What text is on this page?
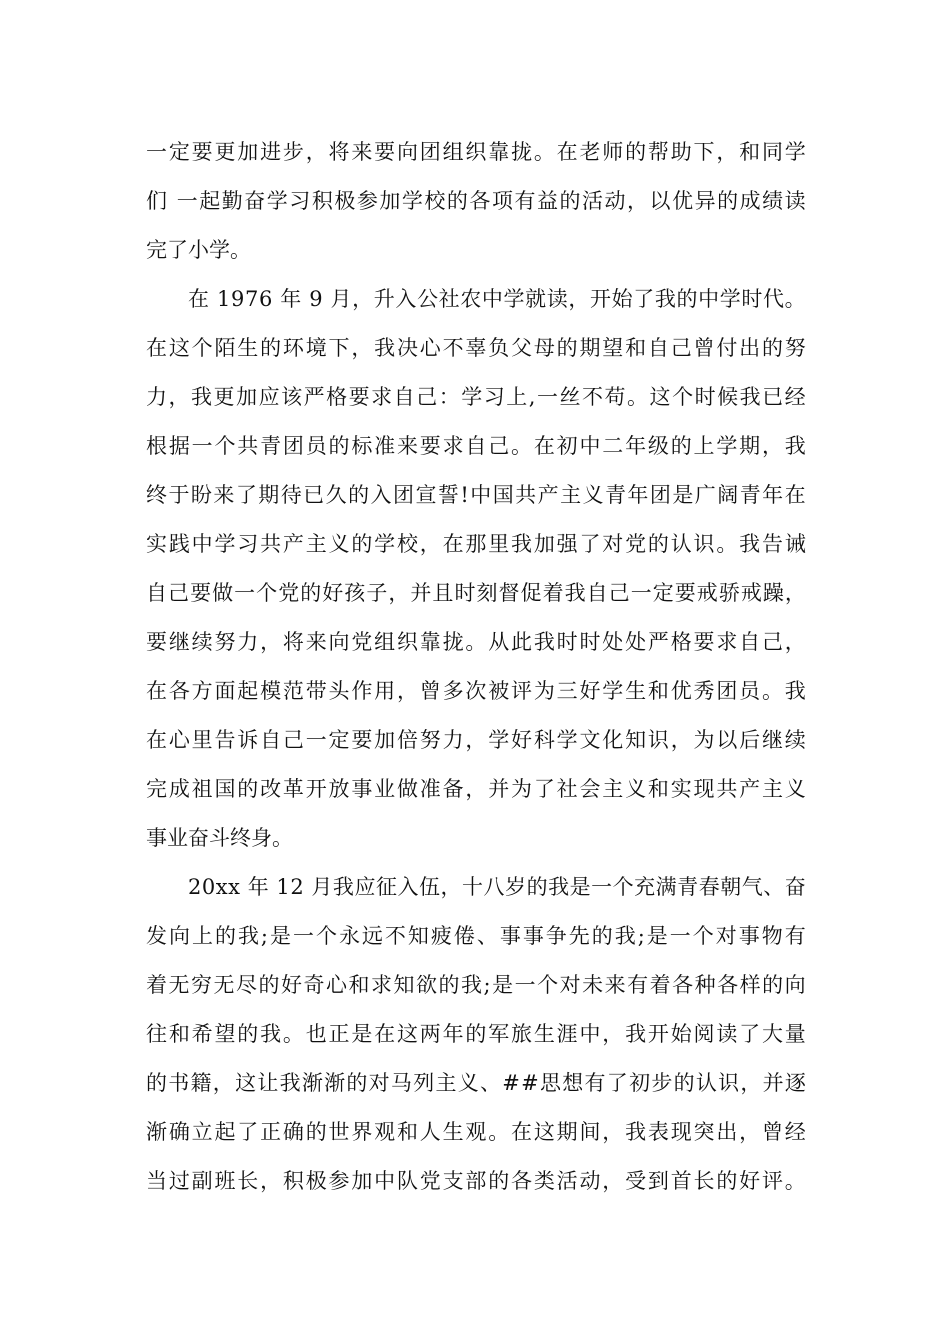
一 定 要 更 加 进 步 ， 将 来 要 向 团 组 织 靠 拢 。 在 老 师 的 帮 助 下 ， 和 同 学
们
一 起 勤 奋 学 习 积 极 参 加 学 校 的 各 项 有 益 的 活 动 ， 以 优 异 的 成 绩 读
完了小学。
在
1 9 7 6
年
9
月 ， 升 入 公 社 农 中 学 就 读 ， 开 始 了 我 的 中 学 时 代 。
在 这 个 陌 生 的 环 境 下 ， 我 决 心 不 辜 负 父 母 的 期 望 和 自 己 曾 付 出 的 努
力 ， 我 更 加 应 该 严 格 要 求 自 己 ： 学 习 上 , 一 丝 不 苟 。 这 个 时 候 我 已 经
根 据 一 个 共 青 团 员 的 标 准 来 要 求 自 己 。 在 初 中 二 年 级 的 上 学 期 ， 我
终 于 盼 来 了 期 待 已 久 的 入 团 宣 誓 ! 中 国 共 产 主 义 青 年 团 是 广 阔 青 年 在
实 践 中 学 习 共 产 主 义 的 学 校 ， 在 那 里 我 加 强 了 对 党 的 认 识 。 我 告 诫
自 己 要 做 一 个 党 的 好 孩 子 ， 并 且 时 刻 督 促 着 我 自 己 一 定 要 戒 骄 戒 躁 ，
要 继 续 努 力 ， 将 来 向 党 组 织 靠 拢 。 从 此 我 时 时 处 处 严 格 要 求 自 己 ，
在 各 方 面 起 模 范 带 头 作 用 ， 曾 多 次 被 评 为 三 好 学 生 和 优 秀 团 员 。 我
在 心 里 告 诉 自 己 一 定 要 加 倍 努 力 ， 学 好 科 学 文 化 知 识 ， 为 以 后 继 续
完 成 祖 国 的 改 革 开 放 事 业 做 准 备 ， 并 为 了 社 会 主 义 和 实 现 共 产 主 义
事业奋斗终身。
2 0 x x
年
1 2
月 我 应 征 入 伍 ， 十 八 岁 的 我 是 一 个 充 满 青 春 朝 气 、 奋
发 向 上 的 我 ; 是 一 个 永 远 不 知 疲 倦 、 事 事 争 先 的 我 ; 是 一 个 对 事 物 有
着 无 穷 无 尽 的 好 奇 心 和 求 知 欲 的 我 ; 是 一 个 对 未 来 有 着 各 种 各 样 的 向
往 和 希 望 的 我 。 也 正 是 在 这 两 年 的 军 旅 生 涯 中 ， 我 开 始 阅 读 了 大 量
的 书 籍 ， 这 让 我 渐 渐 的 对 马 列 主 义 、 # # 思 想 有 了 初 步 的 认 识 ， 并 逐
渐 确 立 起 了 正 确 的 世 界 观 和 人 生 观 。 在 这 期 间 ， 我 表 现 突 出 ， 曾 经
当 过 副 班 长 ， 积 极 参 加 中 队 党 支 部 的 各 类 活 动 ， 受 到 首 长 的 好 评 。
